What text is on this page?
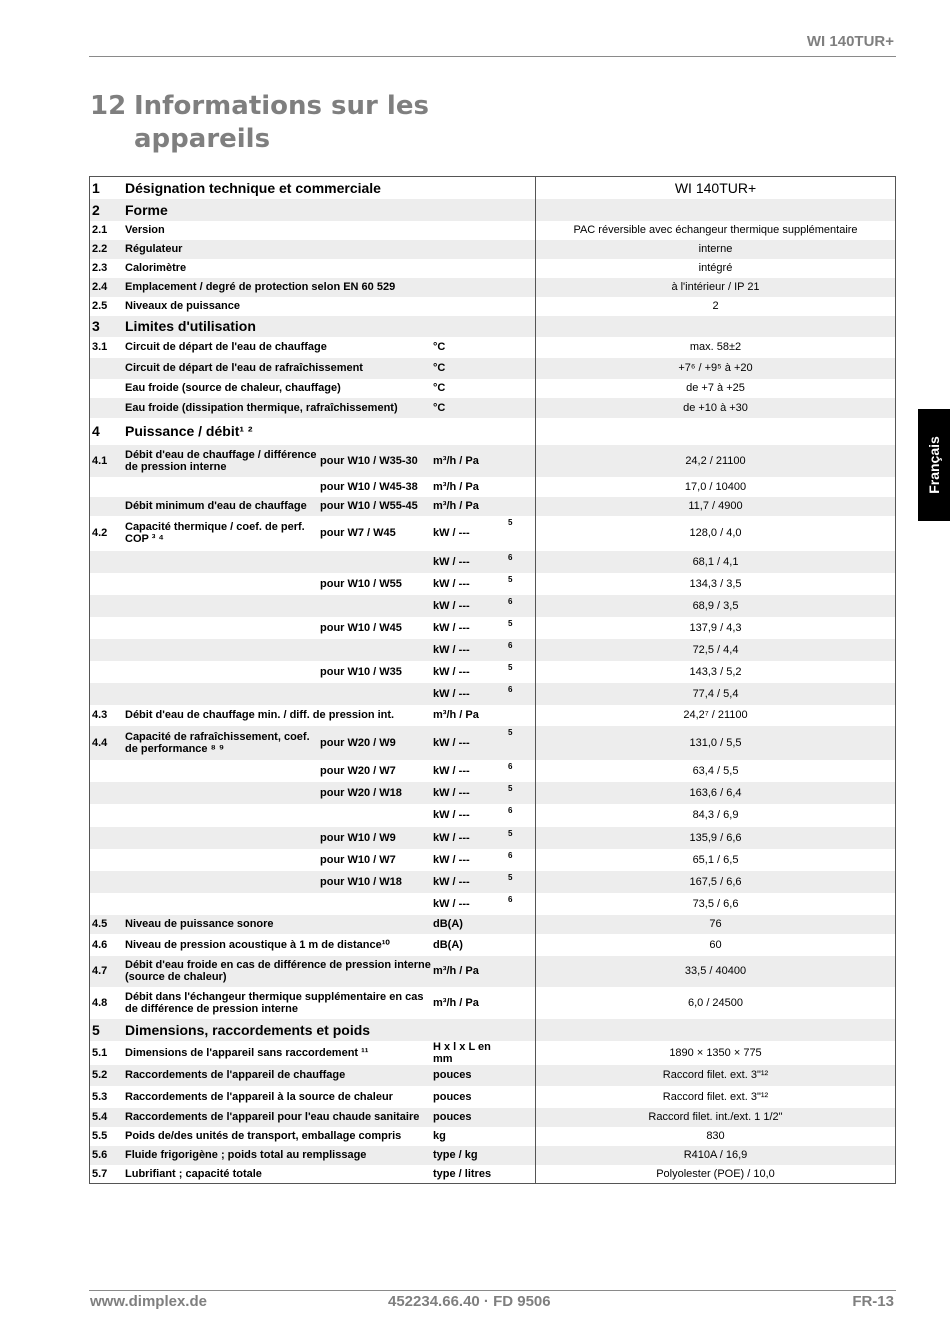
WI 140TUR+
12 Informations sur les
appareils
Français
1	Désignation technique et commerciale				WI 140TUR+
2	Forme				
2.1	Version				PAC réversible avec échangeur thermique supplémentaire
2.2	Régulateur				interne
2.3	Calorimètre				intégré
2.4	Emplacement / degré de protection selon EN 60 529				à l'intérieur / IP 21
2.5	Niveaux de puissance				2
3	Limites d'utilisation				
3.1	Circuit de départ de l'eau de chauffage		°C		max. 58±2
	Circuit de départ de l'eau de rafraîchissement		°C		+7⁶ / +9⁵ à +20
	Eau froide (source de chaleur, chauffage)		°C		de +7 à +25
	Eau froide (dissipation thermique, rafraîchissement)		°C		de +10 à +30
4	Puissance / débit¹ ²				
4.1	Débit d'eau de chauffage / différence de pression interne	pour W10 / W35-30	m³/h / Pa		24,2 / 21100
		pour W10 / W45-38	m³/h / Pa		17,0 / 10400
	Débit minimum d'eau de chauffage	pour W10 / W55-45	m³/h / Pa		11,7 / 4900
4.2	Capacité thermique / coef. de perf. COP ³ ⁴	pour W7 / W45	kW / ---	5	128,0 / 4,0
			kW / ---	6	68,1 / 4,1
		pour W10 / W55	kW / ---	5	134,3 / 3,5
			kW / ---	6	68,9 / 3,5
		pour W10 / W45	kW / ---	5	137,9 / 4,3
			kW / ---	6	72,5 / 4,4
		pour W10 / W35	kW / ---	5	143,3 / 5,2
			kW / ---	6	77,4 / 5,4
4.3	Débit d'eau de chauffage min. / diff. de pression int.		m³/h / Pa		24,2⁷ / 21100
4.4	Capacité de rafraîchissement, coef. de performance ⁸ ⁹	pour W20 / W9	kW / ---	5	131,0 / 5,5
		pour W20 / W7	kW / ---	6	63,4 / 5,5
		pour W20 / W18	kW / ---	5	163,6 / 6,4
			kW / ---	6	84,3 / 6,9
		pour W10 / W9	kW / ---	5	135,9 / 6,6
		pour W10 / W7	kW / ---	6	65,1 / 6,5
		pour W10 / W18	kW / ---	5	167,5 / 6,6
			kW / ---	6	73,5 / 6,6
4.5	Niveau de puissance sonore		dB(A)		76
4.6	Niveau de pression acoustique à 1 m de distance¹⁰		dB(A)		60
4.7	Débit d'eau froide en cas de différence de pression interne (source de chaleur)		m³/h / Pa		33,5 / 40400
4.8	Débit dans l'échangeur thermique supplémentaire en cas de différence de pression interne		m³/h / Pa		6,0 / 24500
5	Dimensions, raccordements et poids				
5.1	Dimensions de l'appareil sans raccordement ¹¹		H x l x L en mm		1890 × 1350 × 775
5.2	Raccordements de l'appareil de chauffage		pouces		Raccord filet. ext. 3"¹²
5.3	Raccordements de l'appareil à la source de chaleur		pouces		Raccord filet. ext. 3"¹²
5.4	Raccordements de l'appareil pour l'eau chaude sanitaire		pouces		Raccord filet. int./ext. 1 1/2"
5.5	Poids de/des unités de transport, emballage compris		kg		830
5.6	Fluide frigorigène ; poids total au remplissage		type / kg		R410A / 16,9
5.7	Lubrifiant ; capacité totale		type / litres		Polyolester (POE) / 10,0
www.dimplex.de	452234.66.40 · FD 9506	FR-13
